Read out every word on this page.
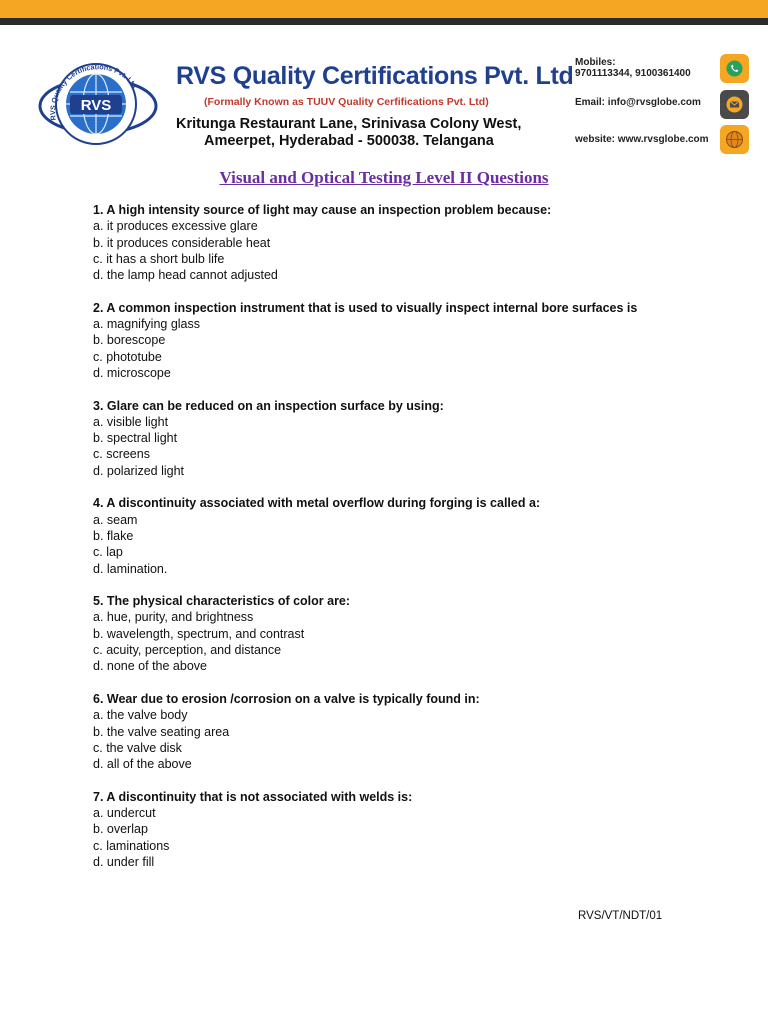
RVS
RVS Quality Certifications Pvt. Ltd RVS Quality Certifications Pvt. Ltd
(Formally Known as TUUV Quality Cerfifications Pvt. Ltd)
Kritunga Restaurant Lane, Srinivasa Colony West,
Ameerpet, Hyderabad - 500038. Telangana
Mobiles:
9701113344, 9100361400
Email: info@rvsglobe.com
website: www.rvsglobe.com
Visual and Optical Testing Level II Questions
1. A high intensity source of light may cause an inspection problem because:
a. it produces excessive glare
b. it produces considerable heat
c. it has a short bulb life
d. the lamp head cannot adjusted
2. A common inspection instrument that is used to visually inspect internal bore surfaces is
a. magnifying glass
b. borescope
c. phototube
d. microscope
3. Glare can be reduced on an inspection surface by using:
a. visible light
b. spectral light
c. screens
d. polarized light
4. A discontinuity associated with metal overflow during forging is called a:
a. seam
b. flake
c. lap
d. lamination.
5. The physical characteristics of color are:
a. hue, purity, and brightness
b. wavelength, spectrum, and contrast
c. acuity, perception, and distance
d. none of the above
6. Wear due to erosion /corrosion on a valve is typically found in:
a. the valve body
b. the valve seating area
c. the valve disk
d. all of the above
7. A discontinuity that is not associated with welds is:
a. undercut
b. overlap
c. laminations
d. under fill
RVS/VT/NDT/01
